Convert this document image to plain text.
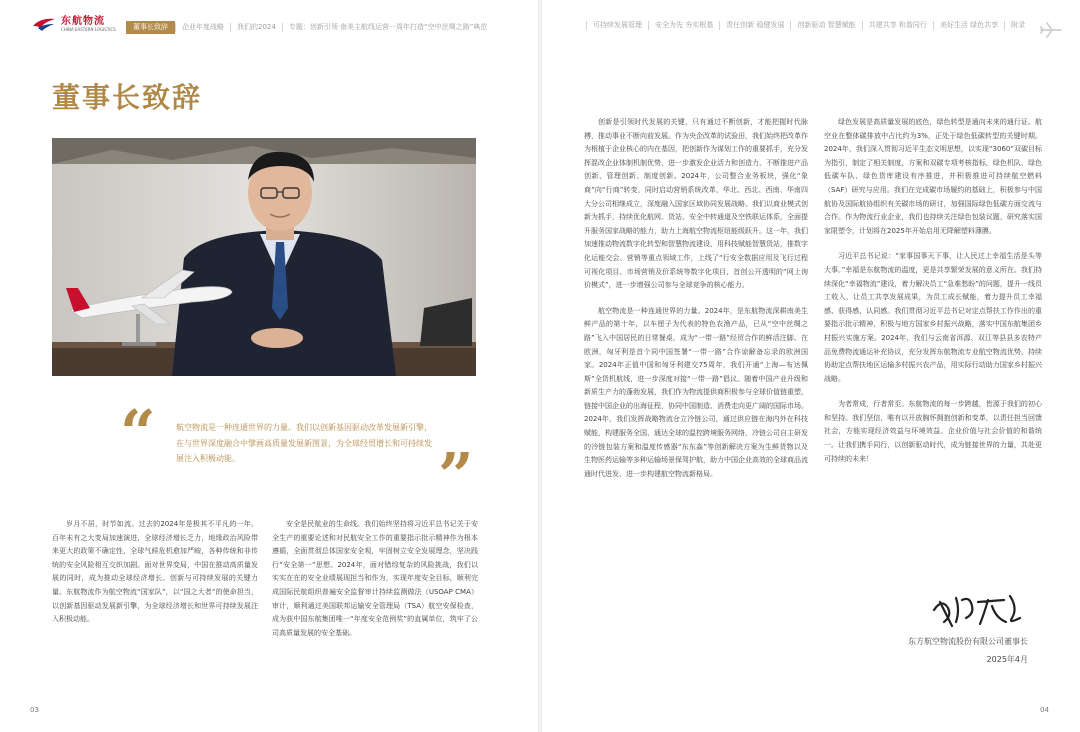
东航物流
CHINA EASTERN LOGISTICS	董事长致辞	企业年度战略	我们的2024	专题：创新引领·南美主航线运营一周年打造“空中丝绸之路”典范	可持续发展管理	安全为先 夯实根基	责任创新 稳健发展	创新驱动 智慧赋能	共建共享 和谐同行	美好生活 绿色共享	附录
董事长致辞
“	航空物流是一种连通世界的力量。我们以创新基因驱动改革发展新引擎，在与世界深度融合中擘画高质量发展新图景，为全球经贸增长和可持续发展注入积极动能。	”

岁月不居，时节如流。过去的2024年是极其不平凡的一年。百年未有之大变局加速演进，全球经济增长乏力，地缘政治风险带来更大的政策不确定性，全球气候危机愈加严峻，各种传统和非传统的安全风险相互交织加剧。面对世界变局，中国在推动高质量发展的同时，成为推动全球经济增长、创新与可持续发展的关键力量。东航物流作为航空物流“国家队”，以“国之大者”的使命担当，以创新基因驱动发展新引擎，为全球经济增长和世界可持续发展注入积极动能。

安全是民航业的生命线。我们始终坚持将习近平总书记关于安全生产的重要论述和对民航安全工作的重要指示批示精神作为根本遵循，全面贯彻总体国家安全观，牢固树立安全发展理念，坚决践行“安全第一”思想。2024年，面对错综复杂的风险挑战，我们以实实在在的安全业绩展现担当和作为，实现年度安全目标，顺利完成国际民航组织普遍安全监督审计持续监测做法（USOAP CMA）审计，顺利通过美国联邦运输安全管理局（TSA）航空安保检查，成为获中国东航集团唯一“年度安全范例奖”的直属单位，筑牢了公司高质量发展的安全基础。

创新是引领时代发展的关键，只有通过不断创新，才能把握时代脉搏，推动事业不断向前发展。作为央企改革的试验田，我们始终把改革作为根植于企业核心的内在基因，把创新作为谋划工作的重要抓手，充分发挥混改企业体制机制优势，进一步激发企业活力和创造力，不断推进产品创新、管理创新、制度创新。2024年，公司整合业务板块，强化“象商”向“行商”转变，同时启动营销系统改革，华北、西北、西南、华南四大分公司相继成立，深度融入国家区域协同发展战略。我们以商业模式创新为抓手，持续优化航网、货站、安全中转通道及空铁联运体系，全面提升服务国家战略的能力，助力上海航空物流枢纽能级跃升。这一年，我们加速推动物流数字化转型和智慧物流建设，用科技赋能智慧货站，推数字化运能交会、营销等重点领域工作，上线了“行安全数据应用及飞行过程可视化项目、市场营销及价系统等数字化项目，首创公开透明的“网上询价模式”，进一步增强公司参与全球竞争的核心能力。

航空物流是一种连通世界的力量。2024年，是东航物流深耕南美生鲜产品的第十年，以车厘子为代表的特色农渔产品，已从“空中丝绸之路”飞入中国居民的日常餐桌，成为“一带一路”经贸合作的鲜活注脚。在欧洲，匈牙利是首个同中国签署“一带一路”合作谅解备忘录的欧洲国家。2024年正值中国和匈牙利建交75周年，我们开通“上海—布达佩斯”全货机航线，进一步深度对接“一带一路”倡议。随着中国产业升级和新质生产力的蓬勃发展，我们作为物流提供商积极参与全球价值链重塑，链接中国企业的出海征程，协同中国制造、消费走向更广阔的国际市场。2024年，我们发挥战略物流仓立冷链公司，通过供应链在海内外在科技赋能，构建服务全国、通达全球的温控跨境服务网络，冷链公司自主研发的冷链包装方案和温度传感器“东东淼”等创新解决方案为生鲜货物以及生物医药运输等多种运输场景保驾护航，助力中国企业高效的全球商品流通时代进发，进一步构建航空物流新格局。

绿色发展是高质量发展的底色，绿色转型是通向未来的通行证。航空业在整体碳排放中占比约为3%，正处于绿色低碳转型的关键时期。2024年，我们深入贯彻习近平生态文明思想，以实现“3060”双碳目标为指引，制定了相关制度，方案和双碳专项考核指标，绿色机队、绿色低碳车队、绿色货库建设有序推进，并积极推进可持续航空燃料（SAF）研究与应用。我们在完成碳市场履约的基础上，积极参与中国航协及国际航协组织有关碳市场的研讨，加强国际绿色低碳方面交流与合作。作为物流行业企业，我们也持续关注绿色包装议题，研究落实国家限塑令，计划将在2025年开始启用无降解塑料薄膜。

习近平总书记说：“家事国事天下事，让人民过上幸福生活是头等大事。”幸福是东航物流的温度，更是共享繁荣发展的意义所在。我们持续深化“幸福物流”建设，着力解决员工“急难愁盼”的问题，提升一线员工收入，让员工共享发展成果，为员工成长赋能，着力提升员工幸福感、获得感、认同感。我们贯彻习近平总书记对定点帮扶工作作出的重要指示批示精神，积极与地方国家乡村振兴战略，落实中国东航集团乡村振兴实施方案。2024年，我们与云南省洱源、双江等县县多农特产品免费物流通运补充协议，充分发挥东航物流专业航空物流优势，持续协助定点帮扶地区运输多村振兴农产品，用实际行动助力国家乡村振兴战略。

为者常成，行者常至。东航物流的每一步跨越，皆源于我们的初心和坚持。我们坚信，唯有以开放胸怀拥抱创新和变革，以责任担当回馈社会，方能实现经济效益与环境效益、企业价值与社会价值的和谐统一。让我们携手同行，以创新驱动时代，成为链接世界的力量，共赴更可持续的未来！

东方航空物流股份有限公司董事长
2025年4月
03	04
